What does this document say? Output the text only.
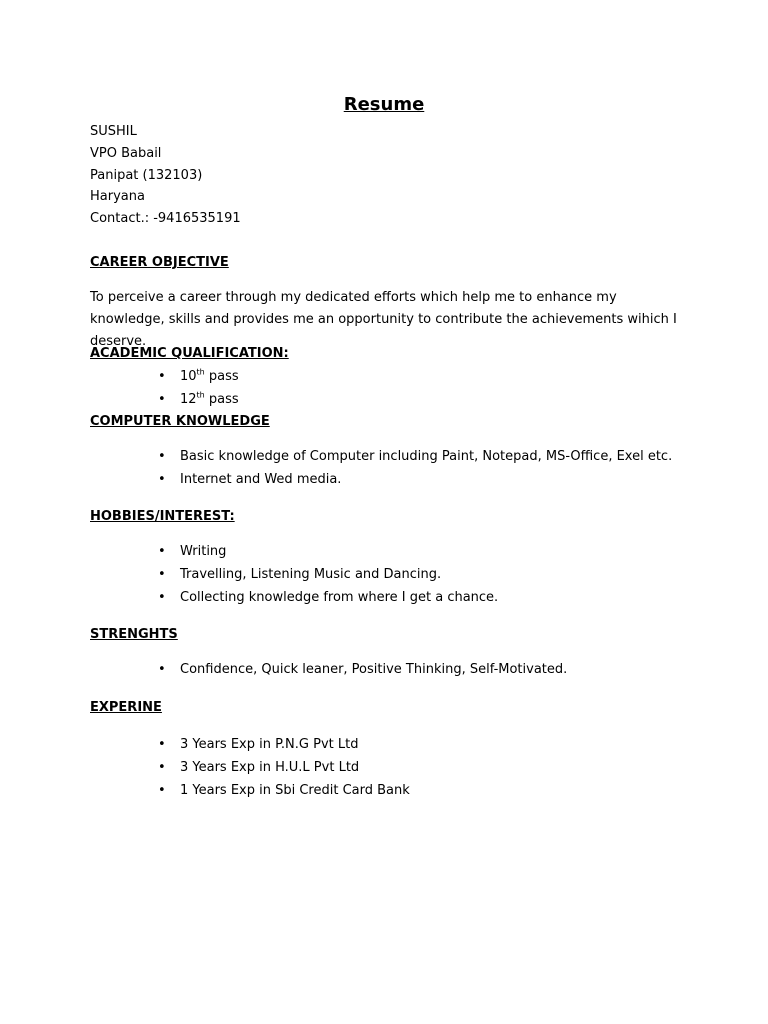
Resume
SUSHIL
VPO Babail
Panipat (132103)
Haryana
Contact.: -9416535191
CAREER OBJECTIVE
To perceive a career through my dedicated efforts which help me to enhance my knowledge, skills and provides me an opportunity to contribute the achievements wihich I deserve.
ACADEMIC QUALIFICATION:
• 10th pass
• 12th pass
COMPUTER KNOWLEDGE
• Basic knowledge of Computer including Paint, Notepad, MS-Office, Exel etc.
• Internet and Wed media.
HOBBIES/INTEREST:
• Writing
• Travelling, Listening Music and Dancing.
• Collecting knowledge from where I get a chance.
STRENGHTS
• Confidence, Quick leaner, Positive Thinking, Self-Motivated.
EXPERINE
• 3 Years Exp in P.N.G Pvt Ltd
• 3 Years Exp in H.U.L Pvt Ltd
• 1 Years Exp in Sbi Credit Card Bank
